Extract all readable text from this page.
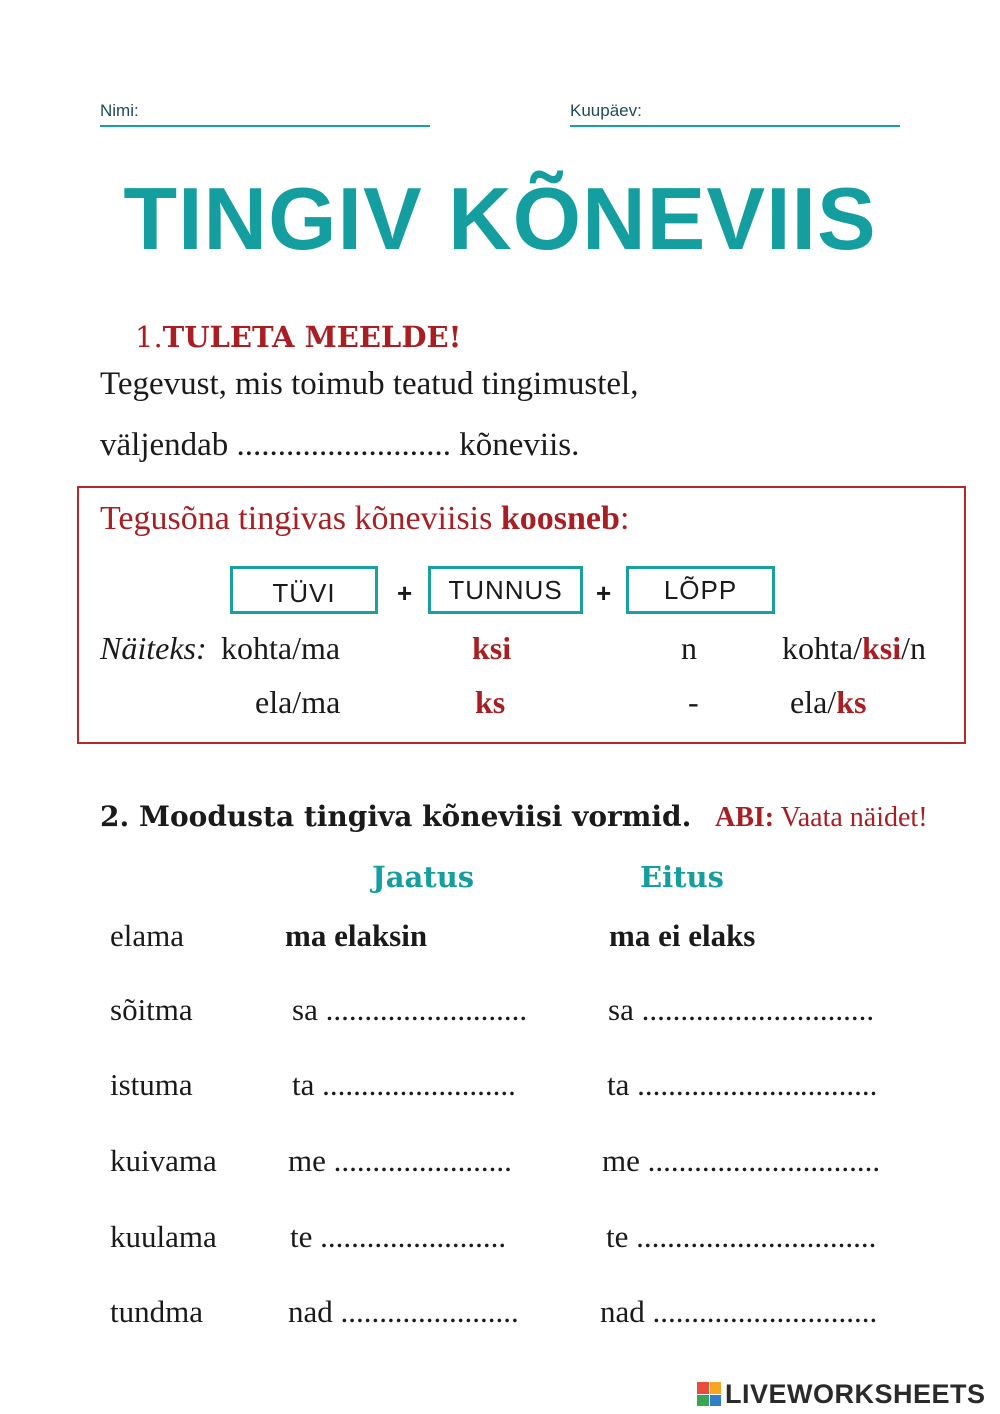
Nimi:	Kuupäev:
TINGIV KÕNEVIIS
1.TULETA MEELDE!
Tegevust, mis toimub teatud tingimustel,
väljendab .......................... kõneviis.
Tegusõna tingivas kõneviisis koosneb:
TÜVI	+	TUNNUS	+	LÕPP
Näiteks: kohta/ma	ksi	n	kohta/ksi/n
ela/ma	ks	-	ela/ks
2. Moodusta tingiva kõneviisi vormid. ABI: Vaata näidet!
Jaatus	Eitus
elama	ma elaksin	ma ei elaks
sõitma	sa ..........................	sa ..............................
istuma	ta .........................	ta ...............................
kuivama me .......................	me ..............................
kuulama te ........................	te ...............................
tundma	nad .......................	nad .............................
LIVEWORKSHEETS
